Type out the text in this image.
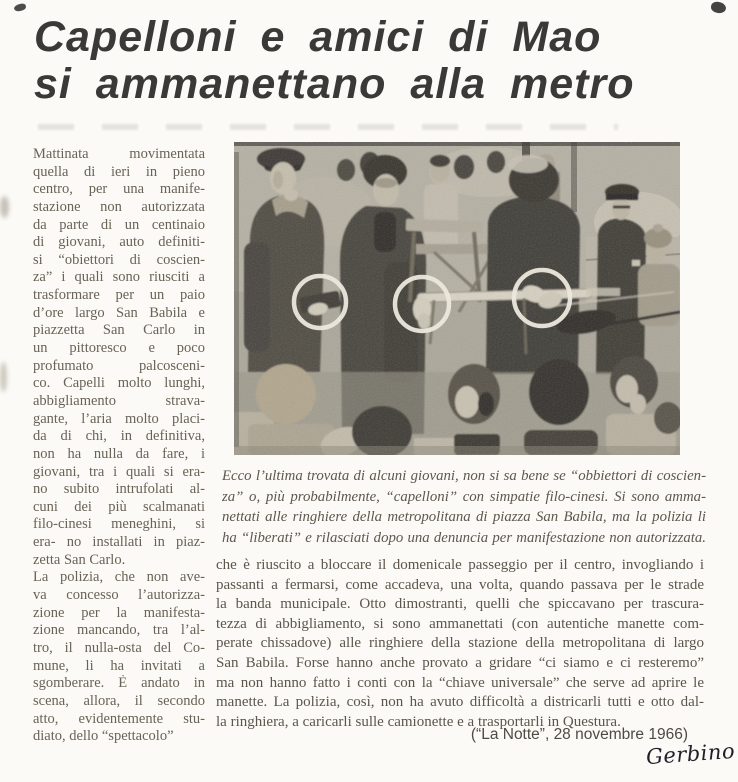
Capelloni e amici di Mao
si ammanettano alla metro
Mattinata movimentata
quella di ieri in pieno
centro, per una manife-
stazione non autorizzata
da parte di un centinaio
di giovani, auto definiti-
si “obiettori di coscien-
za” i quali sono riusciti a
trasformare per un paio
d’ore largo San Babila e
piazzetta San Carlo in
un pittoresco e poco
profumato palcosceni-
co. Capelli molto lunghi,
abbigliamento strava-
gante, l’aria molto placi-
da di chi, in definitiva,
non ha nulla da fare, i
giovani, tra i quali si era-
no subito intrufolati al-
cuni dei più scalmanati
filo-cinesi meneghini, si
era- no installati in piaz-
zetta San Carlo.
La polizia, che non ave-
va concesso l’autorizza-
zione per la manifesta-
zione mancando, tra l’al-
tro, il nulla-osta del Co-
mune, li ha invitati a
sgomberare. È andato in
scena, allora, il secondo
atto, evidentemente stu-
diato, dello “spettacolo”
Ecco l’ultima trovata di alcuni giovani, non si sa bene se “obbiettori di coscien-
za” o, più probabilmente, “capelloni” con simpatie filo-cinesi. Si sono amma-
nettati alle ringhiere della metropolitana di piazza San Babila, ma la polizia li
ha “liberati” e rilasciati dopo una denuncia per manifestazione non autorizzata.
che è riuscito a bloccare il domenicale passeggio per il centro, invogliando i
passanti a fermarsi, come accadeva, una volta, quando passava per le strade
la banda municipale. Otto dimostranti, quelli che spiccavano per trascura-
tezza di abbigliamento, si sono ammanettati (con autentiche manette com-
perate chissadove) alle ringhiere della stazione della metropolitana di largo
San Babila. Forse hanno anche provato a gridare “ci siamo e ci resteremo”
ma non hanno fatto i conti con la “chiave universale” che serve ad aprire le
manette. La polizia, così, non ha avuto difficoltà a districarli tutti e otto dal-
la ringhiera, a caricarli sulle camionette e a trasportarli in Questura.
(“La Notte”, 28 novembre 1966)
Gerbino
